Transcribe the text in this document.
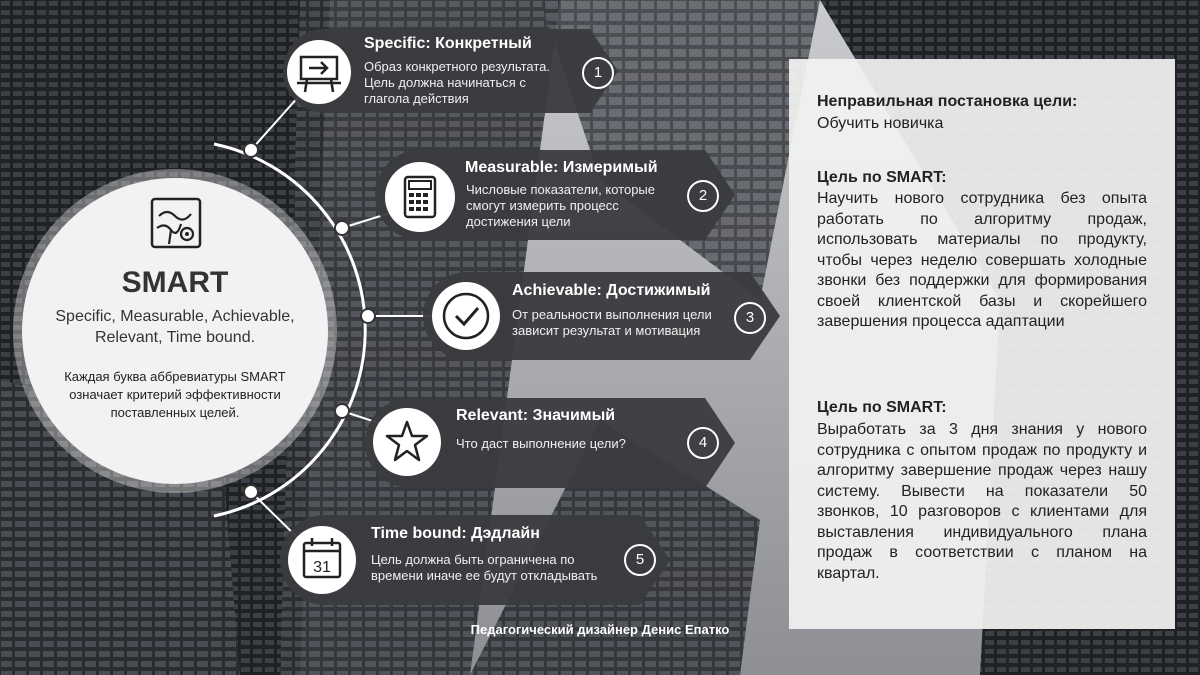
31
Specific: Конкретный
Образ конкретного результата. Цель должна начинаться с глагола действия
1
Measurable: Измеримый
Числовые показатели, которые смогут измерить процесс достижения цели
2
Achievable: Достижимый
От реальности выполнения цели зависит результат и мотивация
3
Relevant: Значимый
Что даст выполнение цели?	4
Time bound: Дэдлайн
Цель должна быть ограничена по времени иначе ее будут откладывать
5
SMART
Specific, Measurable, Achievable, Relevant, Time bound.
Каждая буква аббревиатуры SMART означает критерий эффективности поставленных целей.
Неправильная постановка цели:
Обучить новичка
Цель по SMART:
Научить нового сотрудника без опыта работать по алгоритму продаж, использовать материалы по продукту, чтобы через неделю совершать холодные звонки без поддержки для формирования своей клиентской базы и скорейшего завершения процесса адаптации
Цель по SMART:
Выработать за 3 дня знания у нового сотрудника с опытом продаж по продукту и алгоритму завершение продаж через нашу систему. Вывести на показатели 50 звонков, 10 разговоров с клиентами для выставления индивидуального плана продаж в соответствии с планом на квартал.
Педагогический дизайнер Денис Епатко
